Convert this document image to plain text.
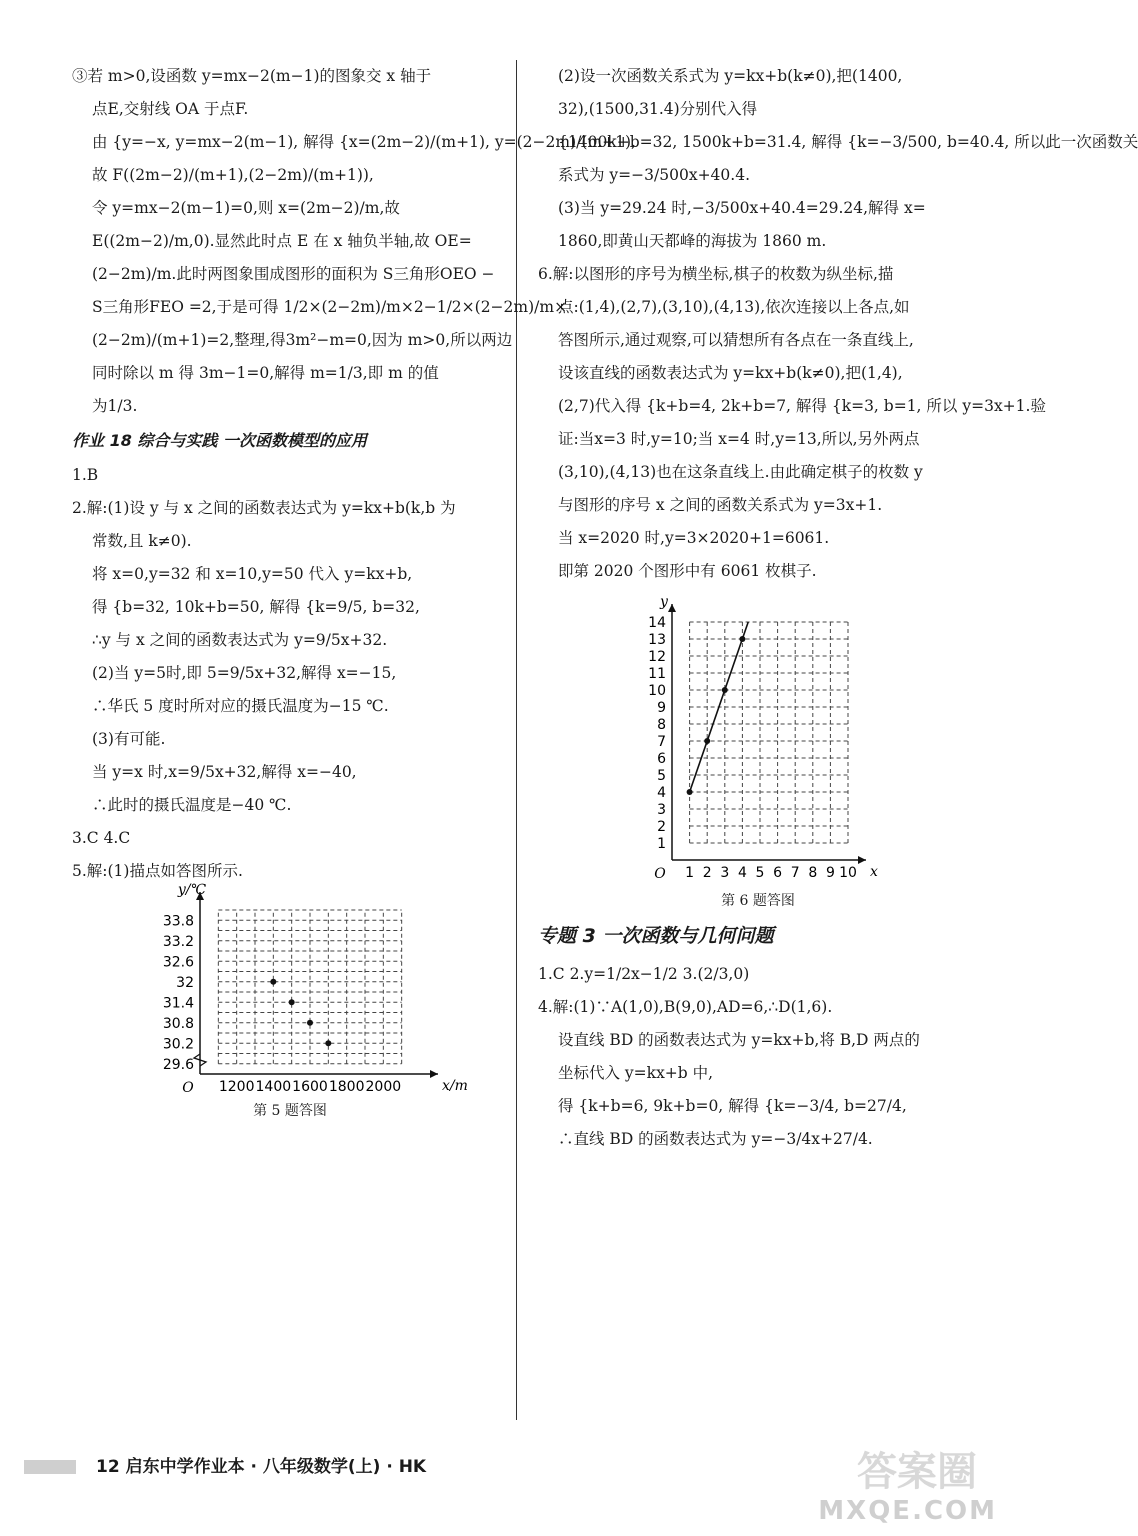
③若 m>0,设函数 y=mx−2(m−1)的图象交 x 轴于
点E,交射线 OA 于点F.
由 {y=−x, y=mx−2(m−1), 解得 {x=(2m−2)/(m+1), y=(2−2m)/(m+1),
故 F((2m−2)/(m+1),(2−2m)/(m+1)),
令 y=mx−2(m−1)=0,则 x=(2m−2)/m,故
E((2m−2)/m,0).显然此时点 E 在 x 轴负半轴,故 OE=
(2−2m)/m.此时两图象围成图形的面积为 S三角形OEO −
S三角形FEO =2,于是可得 1/2×(2−2m)/m×2−1/2×(2−2m)/m×
(2−2m)/(m+1)=2,整理,得3m²−m=0,因为 m>0,所以两边
同时除以 m 得 3m−1=0,解得 m=1/3,即 m 的值
为1/3.
作业 18 综合与实践 一次函数模型的应用
1.B
2.解:(1)设 y 与 x 之间的函数表达式为 y=kx+b(k,b 为
常数,且 k≠0).
将 x=0,y=32 和 x=10,y=50 代入 y=kx+b,
得 {b=32, 10k+b=50, 解得 {k=9/5, b=32,
∴y 与 x 之间的函数表达式为 y=9/5x+32.
(2)当 y=5时,即 5=9/5x+32,解得 x=−15,
∴华氏 5 度时所对应的摄氏温度为−15 ℃.
(3)有可能.
当 y=x 时,x=9/5x+32,解得 x=−40,
∴此时的摄氏温度是−40 ℃.
3.C 4.C
5.解:(1)描点如答图所示.
1200 1400 1600 1800 2000
29.6
30.2
30.8
31.4
32
32.6
33.2
33.8
O	x/m
y/℃
第 5 题答图
(2)设一次函数关系式为 y=kx+b(k≠0),把(1400,
32),(1500,31.4)分别代入得
{1400k+b=32, 1500k+b=31.4, 解得 {k=−3/500, b=40.4, 所以此一次函数关
系式为 y=−3/500x+40.4.
(3)当 y=29.24 时,−3/500x+40.4=29.24,解得 x=
1860,即黄山天都峰的海拔为 1860 m.
6.解:以图形的序号为横坐标,棋子的枚数为纵坐标,描
点:(1,4),(2,7),(3,10),(4,13),依次连接以上各点,如
答图所示,通过观察,可以猜想所有各点在一条直线上,
设该直线的函数表达式为 y=kx+b(k≠0),把(1,4),
(2,7)代入得 {k+b=4, 2k+b=7, 解得 {k=3, b=1, 所以 y=3x+1.验
证:当x=3 时,y=10;当 x=4 时,y=13,所以,另外两点
(3,10),(4,13)也在这条直线上.由此确定棋子的枚数 y
与图形的序号 x 之间的函数关系式为 y=3x+1.
当 x=2020 时,y=3×2020+1=6061.
即第 2020 个图形中有 6061 枚棋子.
1 2 3 4 5 6 7 8 9 10
1
2
3
4
5
6
7
8
9
10
11
12
13
14
O	x
y
第 6 题答图
专题 3 一次函数与几何问题
1.C 2.y=1/2x−1/2 3.(2/3,0)
4.解:(1)∵A(1,0),B(9,0),AD=6,∴D(1,6).
设直线 BD 的函数表达式为 y=kx+b,将 B,D 两点的
坐标代入 y=kx+b 中,
得 {k+b=6, 9k+b=0, 解得 {k=−3/4, b=27/4,
∴直线 BD 的函数表达式为 y=−3/4x+27/4.
12 启东中学作业本 · 八年级数学(上) · HK	答案圈
MXQE.COM
